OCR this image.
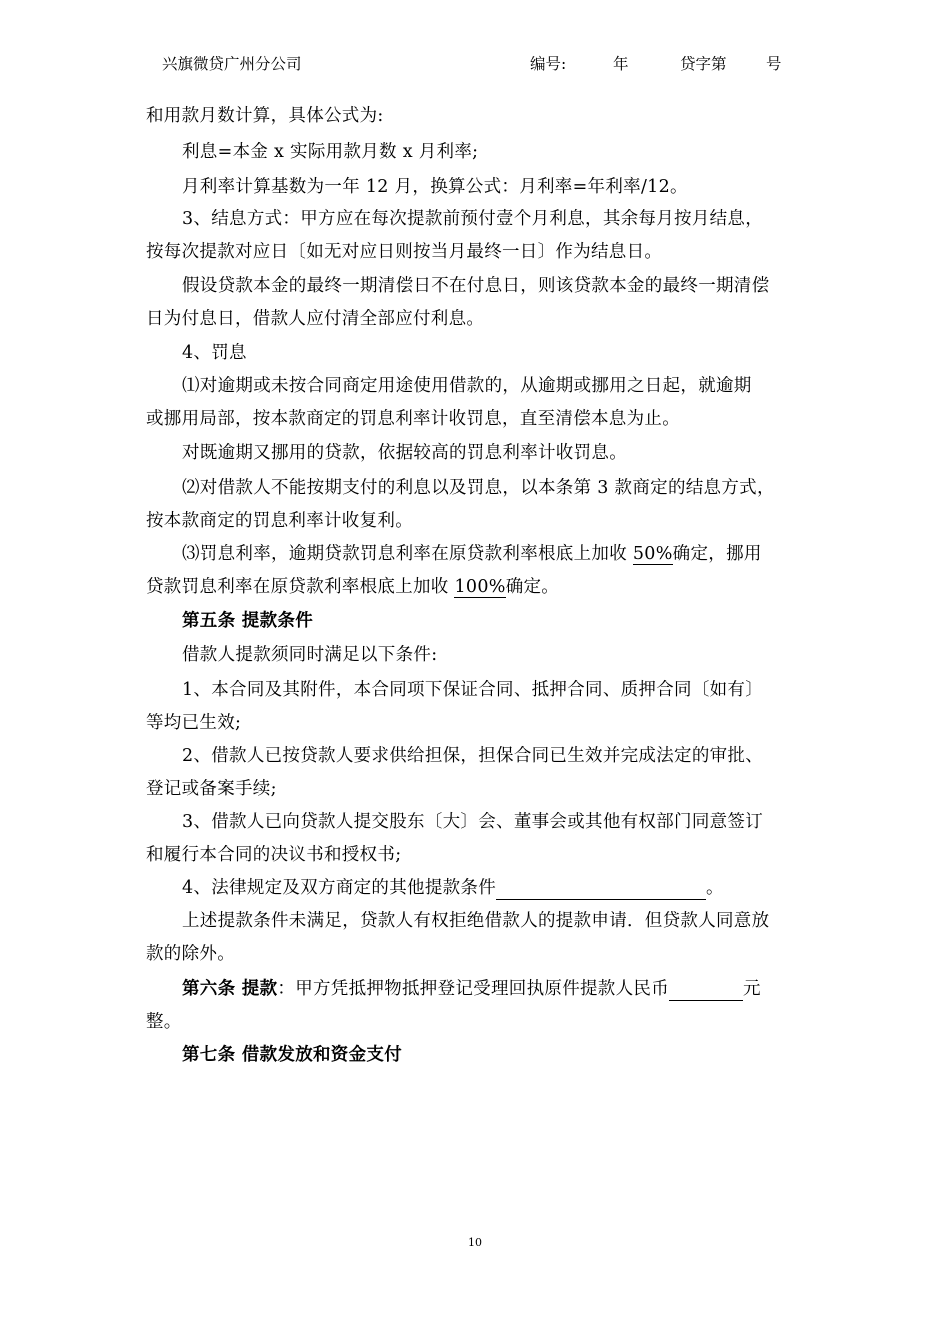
兴旗微贷广州分公司	编号:	年	贷字第	号
和用款月数计算，具体公式为:
利息=本金 x 实际用款月数 x 月利率;
月利率计算基数为一年 12 月，换算公式：月利率=年利率/12。
3、结息方式：甲方应在每次提款前预付壹个月利息，其余每月按月结息，
按每次提款对应日〔如无对应日则按当月最终一日〕作为结息日。
假设贷款本金的最终一期清偿日不在付息日，则该贷款本金的最终一期清偿
日为付息日，借款人应付清全部应付利息。
4、罚息
⑴对逾期或未按合同商定用途使用借款的，从逾期或挪用之日起，就逾期
或挪用局部，按本款商定的罚息利率计收罚息，直至清偿本息为止。
对既逾期又挪用的贷款，依据较高的罚息利率计收罚息。
⑵对借款人不能按期支付的利息以及罚息，以本条第 3 款商定的结息方式，
按本款商定的罚息利率计收复利。
⑶罚息利率，逾期贷款罚息利率在原贷款利率根底上加收 50%确定，挪用
贷款罚息利率在原贷款利率根底上加收 100%确定。
第五条 提款条件
借款人提款须同时满足以下条件:
1、本合同及其附件，本合同项下保证合同、抵押合同、质押合同〔如有〕
等均已生效;
2、借款人已按贷款人要求供给担保，担保合同已生效并完成法定的审批、
登记或备案手续;
3、借款人已向贷款人提交股东〔大〕会、董事会或其他有权部门同意签订
和履行本合同的决议书和授权书;
4、法律规定及双方商定的其他提款条件	。
上述提款条件未满足，贷款人有权拒绝借款人的提款申请．但贷款人同意放
款的除外。
第六条 提款：甲方凭抵押物抵押登记受理回执原件提款人民币	元
整。
第七条 借款发放和资金支付
10
